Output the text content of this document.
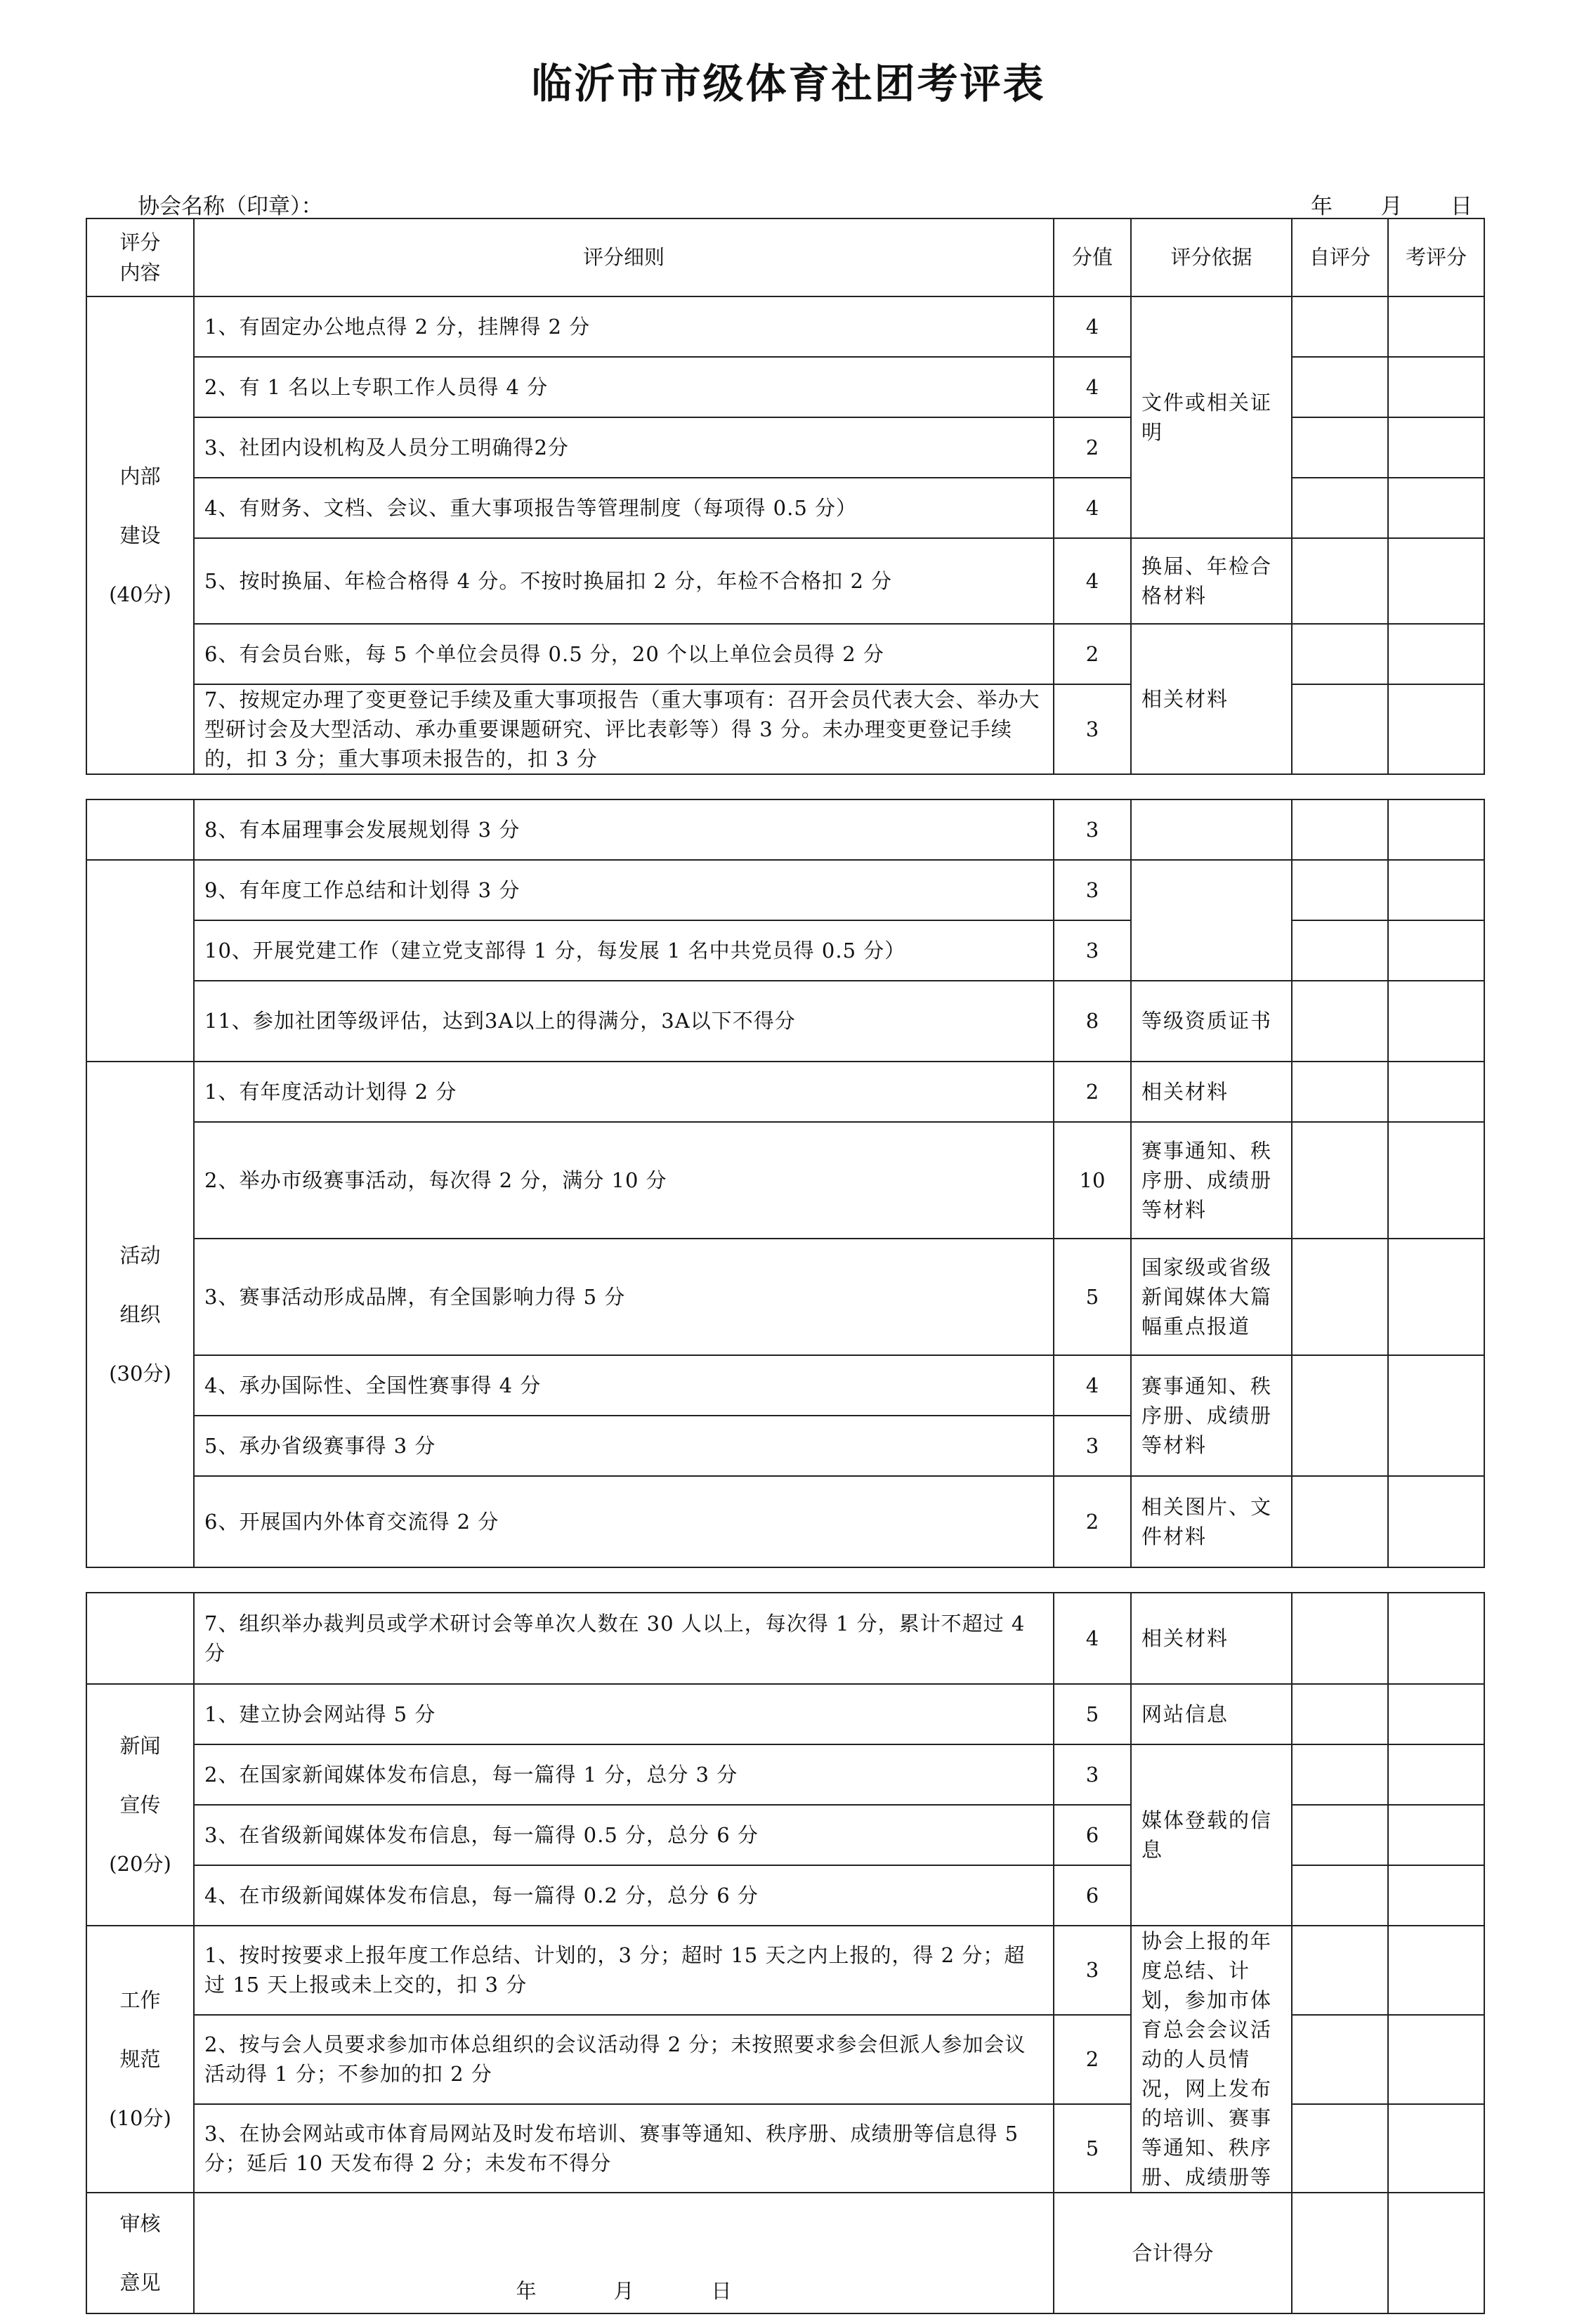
临沂市市级体育社团考评表
协会名称（印章）：	年 月 日
评分
内容	评分细则	分值	评分依据	自评分	考评分
内部
建设
(40分)	1、有固定办公地点得 2 分，挂牌得 2 分	4	文件或相关证明		
	2、有 1 名以上专职工作人员得 4 分	4			
	3、社团内设机构及人员分工明确得2分	2			
	4、有财务、文档、会议、重大事项报告等管理制度（每项得 0.5 分）	4			
	5、按时换届、年检合格得 4 分。不按时换届扣 2 分，年检不合格扣 2 分	4	换届、年检合格材料		
	6、有会员台账，每 5 个单位会员得 0.5 分，20 个以上单位会员得 2 分	2	相关材料		
	7、按规定办理了变更登记手续及重大事项报告（重大事项有：召开会员代表大会、举办大型研讨会及大型活动、承办重要课题研究、评比表彰等）得 3 分。未办理变更登记手续的，扣 3 分；重大事项未报告的，扣 3 分	3			
	8、有本届理事会发展规划得 3 分	3			
	9、有年度工作总结和计划得 3 分	3			
	10、开展党建工作（建立党支部得 1 分，每发展 1 名中共党员得 0.5 分）	3			
	11、参加社团等级评估，达到3A以上的得满分，3A以下不得分	8	等级资质证书		
活动
组织
(30分)	1、有年度活动计划得 2 分	2	相关材料		
	2、举办市级赛事活动，每次得 2 分，满分 10 分	10	赛事通知、秩序册、成绩册等材料		
	3、赛事活动形成品牌，有全国影响力得 5 分	5	国家级或省级新闻媒体大篇幅重点报道		
	4、承办国际性、全国性赛事得 4 分	4	赛事通知、秩序册、成绩册等材料		
	5、承办省级赛事得 3 分	3			
	6、开展国内外体育交流得 2 分	2	相关图片、文件材料		
	7、组织举办裁判员或学术研讨会等单次人数在 30 人以上，每次得 1 分，累计不超过 4 分	4	相关材料		
新闻
宣传
(20分)	1、建立协会网站得 5 分	5	网站信息		
	2、在国家新闻媒体发布信息，每一篇得 1 分，总分 3 分	3	媒体登载的信息		
	3、在省级新闻媒体发布信息，每一篇得 0.5 分，总分 6 分	6			
	4、在市级新闻媒体发布信息，每一篇得 0.2 分，总分 6 分	6			
工作
规范
(10分)	1、按时按要求上报年度工作总结、计划的，3 分；超时 15 天之内上报的，得 2 分；超过 15 天上报或未上交的，扣 3 分	3	协会上报的年度总结、计划，参加市体育总会会议活动的人员情况，网上发布的培训、赛事等通知、秩序册、成绩册等		
	2、按与会人员要求参加市体总组织的会议活动得 2 分；未按照要求参会但派人参加会议活动得 1 分；不参加的扣 2 分	2			
	3、在协会网站或市体育局网站及时发布培训、赛事等通知、秩序册、成绩册等信息得 5 分；延后 10 天发布得 2 分；未发布不得分	5			
审核
意见	年 月 日	合计得分			
